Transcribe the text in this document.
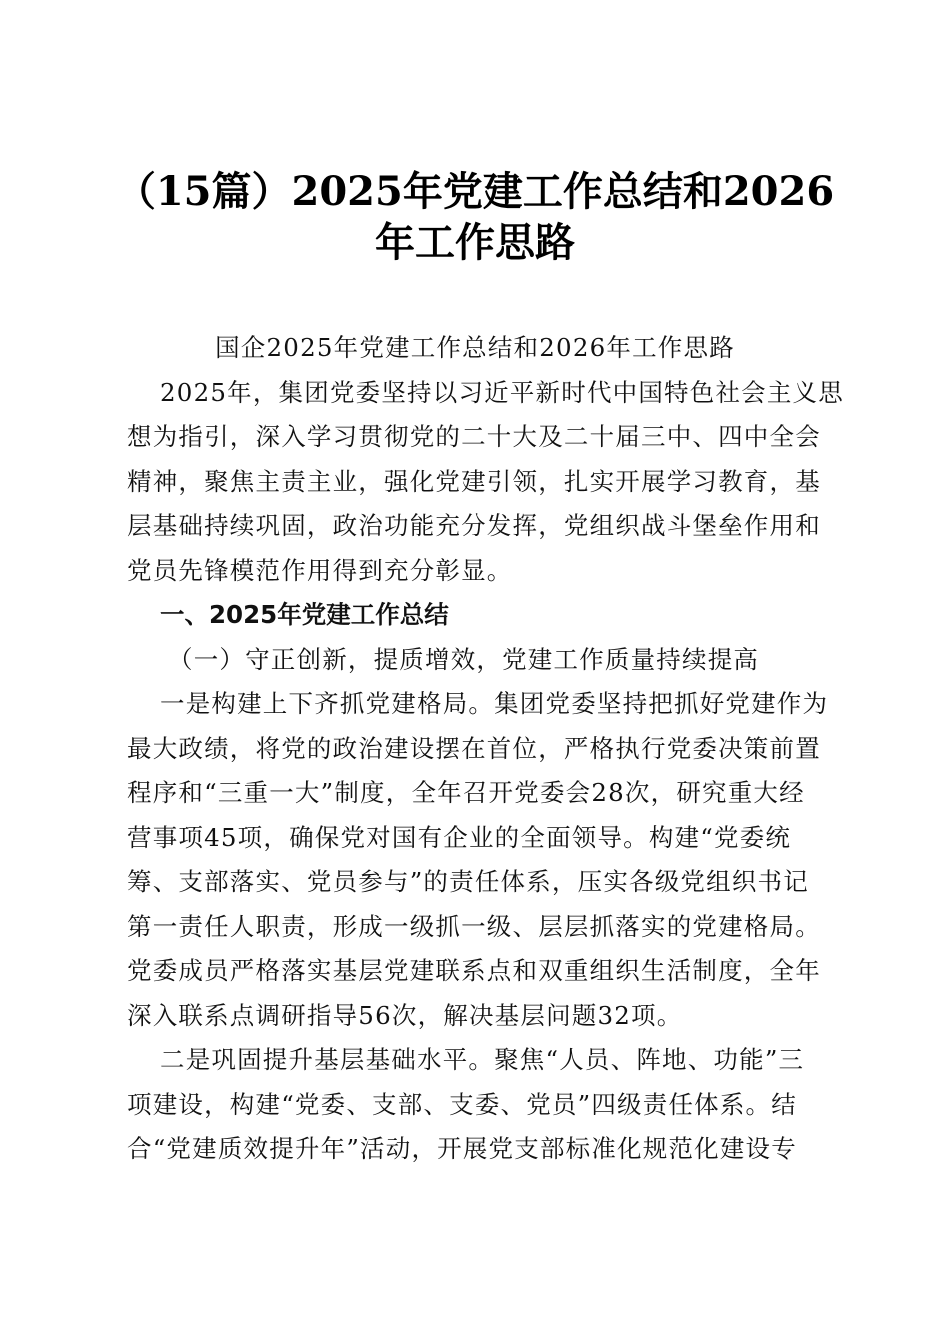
（15篇）2025年党建工作总结和2026
年工作思路
国企2025年党建工作总结和2026年工作思路
2025年，集团党委坚持以习近平新时代中国特色社会主义思
想为指引，深入学习贯彻党的二十大及二十届三中、四中全会
精神，聚焦主责主业，强化党建引领，扎实开展学习教育，基
层基础持续巩固，政治功能充分发挥，党组织战斗堡垒作用和
党员先锋模范作用得到充分彰显。
一、2025年党建工作总结
（一）守正创新，提质增效，党建工作质量持续提高
一是构建上下齐抓党建格局。集团党委坚持把抓好党建作为
最大政绩，将党的政治建设摆在首位，严格执行党委决策前置
程序和“三重一大”制度，全年召开党委会28次，研究重大经
营事项45项，确保党对国有企业的全面领导。构建“党委统
筹、支部落实、党员参与”的责任体系，压实各级党组织书记
第一责任人职责，形成一级抓一级、层层抓落实的党建格局。
党委成员严格落实基层党建联系点和双重组织生活制度，全年
深入联系点调研指导56次，解决基层问题32项。
二是巩固提升基层基础水平。聚焦“人员、阵地、功能”三
项建设，构建“党委、支部、支委、党员”四级责任体系。结
合“党建质效提升年”活动，开展党支部标准化规范化建设专
